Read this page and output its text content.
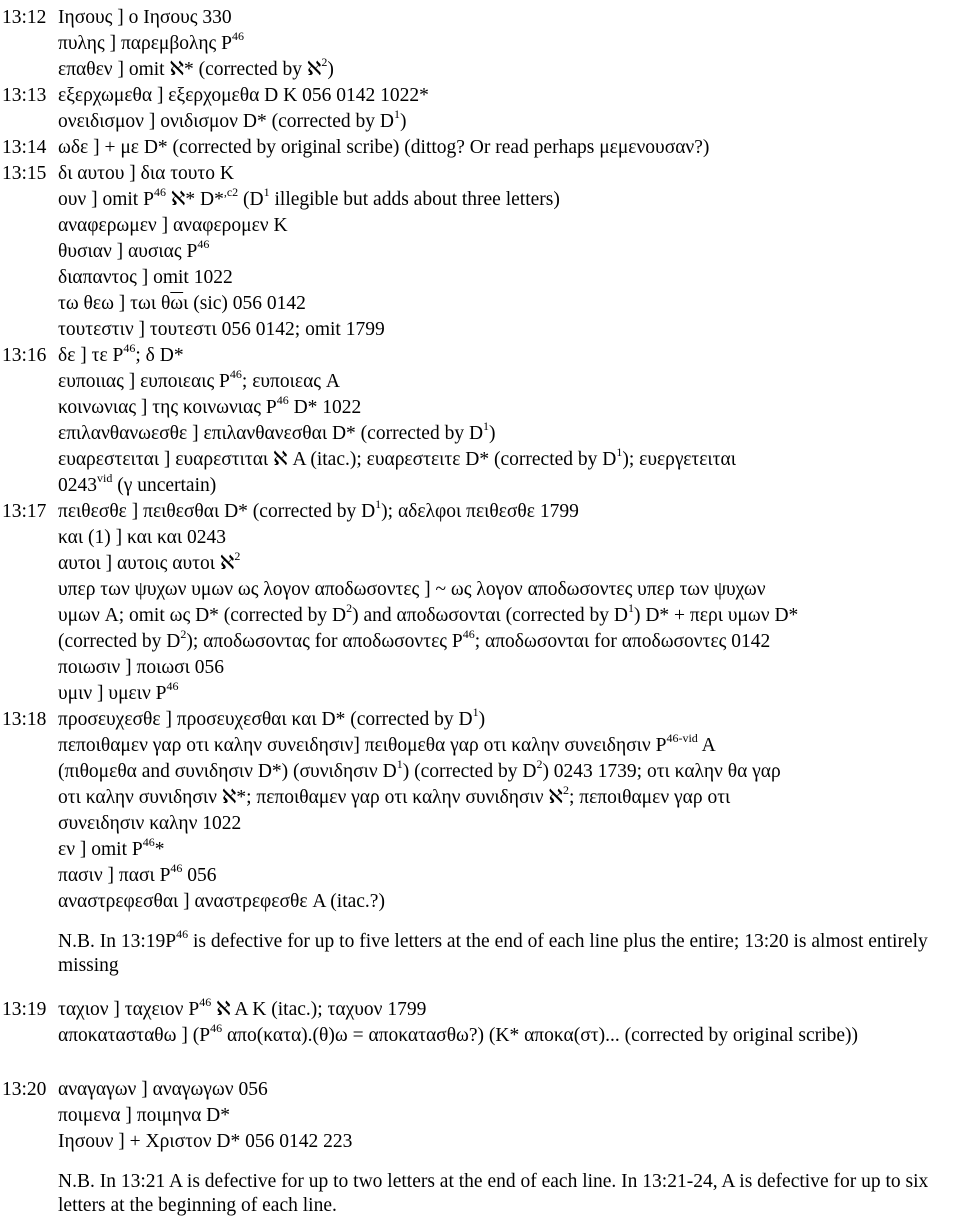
13:12 Ιησους ] ο Ιησους 330
πυλης ] παρεμβολης $P^{46}$
επαθεν ] omit ℵ* (corrected by ℵ$^2$)
13:13 εξερχωμεθα ] εξερχομεθα D K 056 0142 1022*
ονειδισμον ] ονιδισμον D* (corrected by $D^1$)
13:14 ωδε ] + με D* (corrected by original scribe) (dittog? Or read perhaps μεμενουσαν?)
13:15 δι αυτου ] δια τουτο K
ουν ] omit $P^{46}$ ℵ* D*$^{,c2}$ ($D^1$ illegible but adds about three letters)
αναφερωμεν ] αναφερομεν K
θυσιαν ] αυσιας $P^{46}$
διαπαντος ] omit 1022
τω θεω ] τωι $\theta\overline{\omega}\iota$ (sic) 056 0142
τουτεστιν ] τουτεστι 056 0142; omit 1799
13:16 δε ] τε $P^{46}$; δ D*
ευποιιας ] ευποιεαις $P^{46}$; ευποιεας A
κοινωνιας ] της κοινωνιας $P^{46}$ D* 1022
επιλανθανωεσθε ] επιλανθανεσθαι D* (corrected by $D^1$)
ευαρεστειται ] ευαρεστιται ℵ A (itac.); ευαρεστειτε D* (corrected by $D^1$); ευεργετειται
$0243^{vid}$ (γ uncertain)
13:17 πειθεσθε ] πειθεσθαι D* (corrected by $D^1$); αδελφοι πειθεσθε 1799
και (1) ] και και 0243
αυτοι ] αυτοις αυτοι ℵ$^2$
υπερ των ψυχων υμων ως λογον αποδωσοντες ] ~ ως λογον αποδωσοντες υπερ των ψυχων
υμων A; omit ως D* (corrected by $D^2$) and αποδωσονται (corrected by $D^1$) D* + περι υμων D*
(corrected by $D^2$); αποδωσοντας for αποδωσοντες $P^{46}$; αποδωσονται for αποδωσοντες 0142
ποιωσιν ] ποιωσι 056
υμιν ] υμειν $P^{46}$
13:18 προσευχεσθε ] προσευχεσθαι και D* (corrected by $D^1$)
πεποιθαμεν γαρ οτι καλην συνειδησιν] πειθομεθα γαρ οτι καλην συνειδησιν $P^{46-vid}$ A
(πιθομεθα and συνιδησιν D*) (συνιδησιν $D^1$) (corrected by $D^2$) 0243 1739; οτι καλην θα γαρ
οτι καλην συνιδησιν ℵ*; πεποιθαμεν γαρ οτι καλην συνιδησιν ℵ$^2$; πεποιθαμεν γαρ οτι
συνειδησιν καλην 1022
εν ] omit $P^{46}*$
πασιν ] πασι $P^{46}$ 056
αναστρεφεσθαι ] αναστρεφεσθε A (itac.?)
N.B. In $13:19P^{46}$ is defective for up to five letters at the end of each line plus the entire; 13:20 is almost entirely missing
13:19 ταχιον ] ταχειον $P^{46}$ ℵ A K (itac.); ταχυον 1799
αποκατασταθω ] ($P^{46}$ απο(κατα).(θ)ω = αποκατασθω?) (K* αποκα(στ)... (corrected by original scribe))
13:20 αναγαγων ] αναγωγων 056
ποιμενα ] ποιμηνα D*
Ιησουν ] + Χριστον D* 056 0142 223
N.B. In 13:21 A is defective for up to two letters at the end of each line. In 13:21-24, A is defective for up to six letters at the beginning of each line.
